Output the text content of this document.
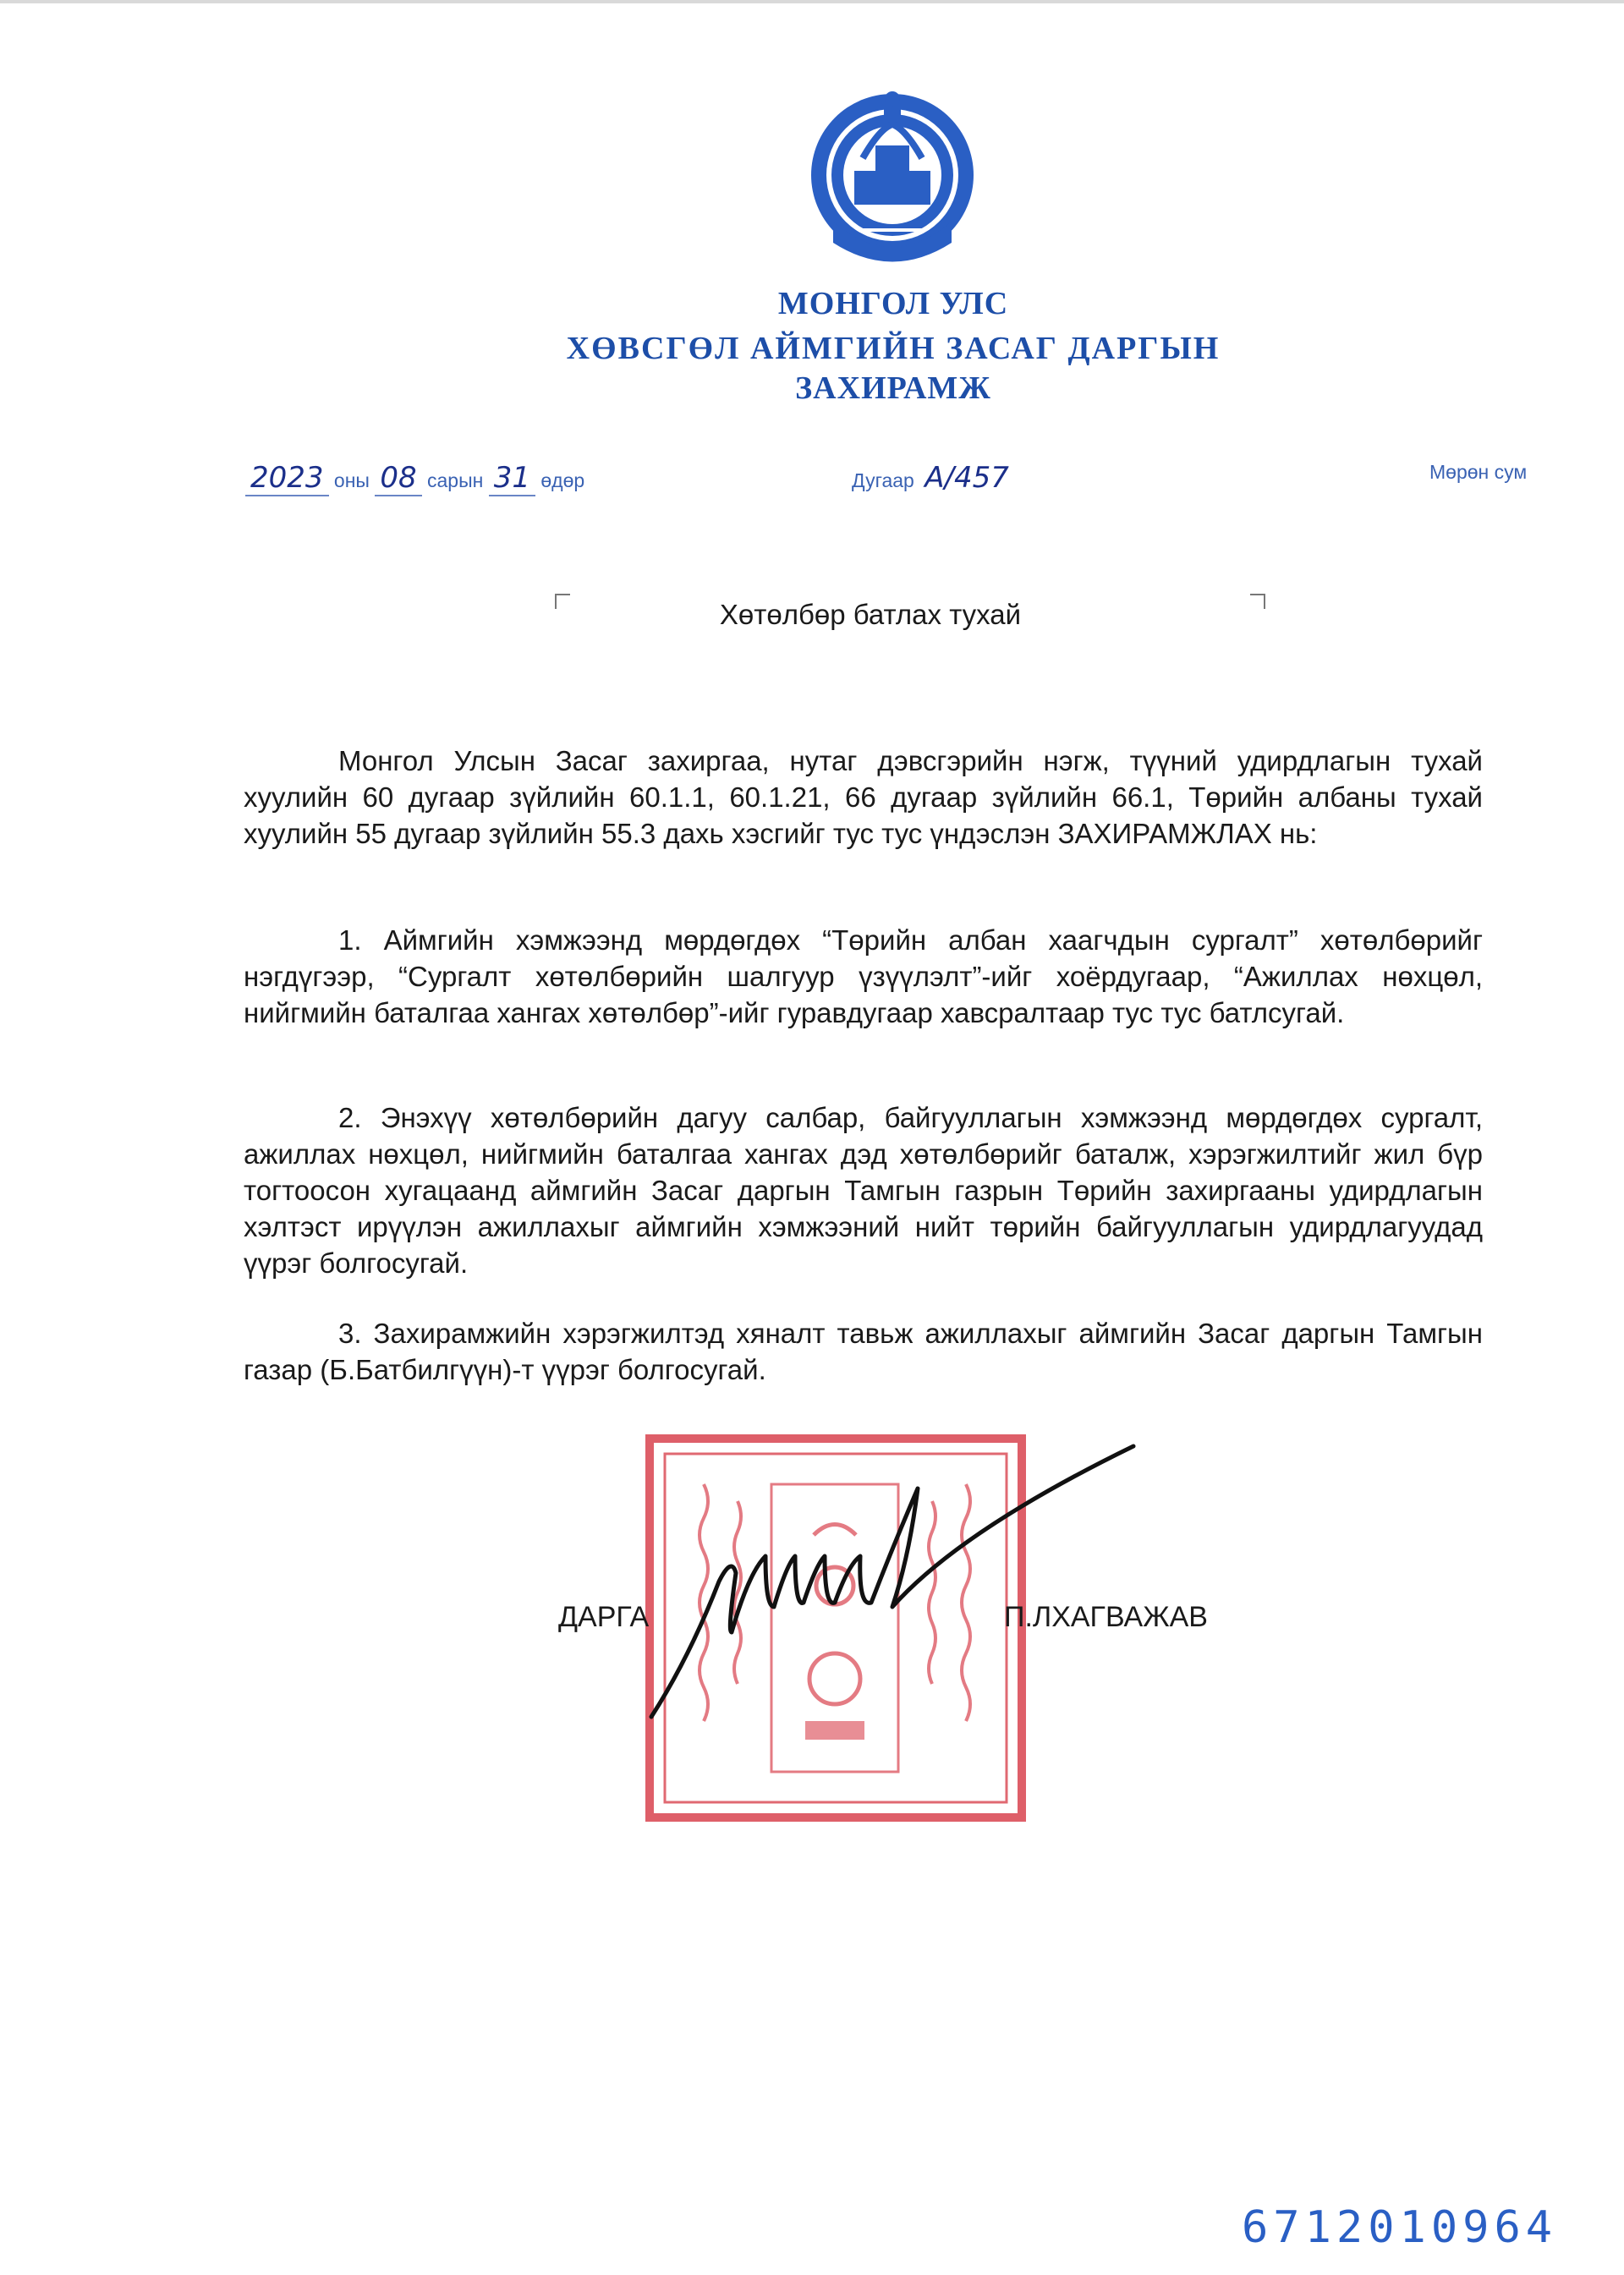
МОНГОЛ УЛС
ХӨВСГӨЛ АЙМГИЙН ЗАСАГ ДАРГЫН
ЗАХИРАМЖ
2023 оны 08 сарын 31 өдөр	Дугаар А/457	Мөрөн сум
Хөтөлбөр батлах тухай

Монгол Улсын Засаг захиргаа, нутаг дэвсгэрийн нэгж, түүний удирдлагын тухай хуулийн 60 дугаар зүйлийн 60.1.1, 60.1.21, 66 дугаар зүйлийн 66.1, Төрийн албаны тухай хуулийн 55 дугаар зүйлийн 55.3 дахь хэсгийг тус тус үндэслэн ЗАХИРАМЖЛАХ нь:

1. Аймгийн хэмжээнд мөрдөгдөх “Төрийн албан хаагчдын сургалт” хөтөлбөрийг нэгдүгээр, “Сургалт хөтөлбөрийн шалгуур үзүүлэлт”-ийг хоёрдугаар, “Ажиллах нөхцөл, нийгмийн баталгаа хангах хөтөлбөр”-ийг гуравдугаар хавсралтаар тус тус батлсугай.

2. Энэхүү хөтөлбөрийн дагуу салбар, байгууллагын хэмжээнд мөрдөгдөх сургалт, ажиллах нөхцөл, нийгмийн баталгаа хангах дэд хөтөлбөрийг баталж, хэрэгжилтийг жил бүр тогтоосон хугацаанд аймгийн Засаг даргын Тамгын газрын Төрийн захиргааны удирдлагын хэлтэст ирүүлэн ажиллахыг аймгийн хэмжээний нийт төрийн байгууллагын удирдлагуудад үүрэг болгосугай.

3. Захирамжийн хэрэгжилтэд хяналт тавьж ажиллахыг аймгийн Засаг даргын Тамгын газар (Б.Батбилгүүн)-т үүрэг болгосугай.

ДАРГА	П.ЛХАГВАЖАВ
6712010964
